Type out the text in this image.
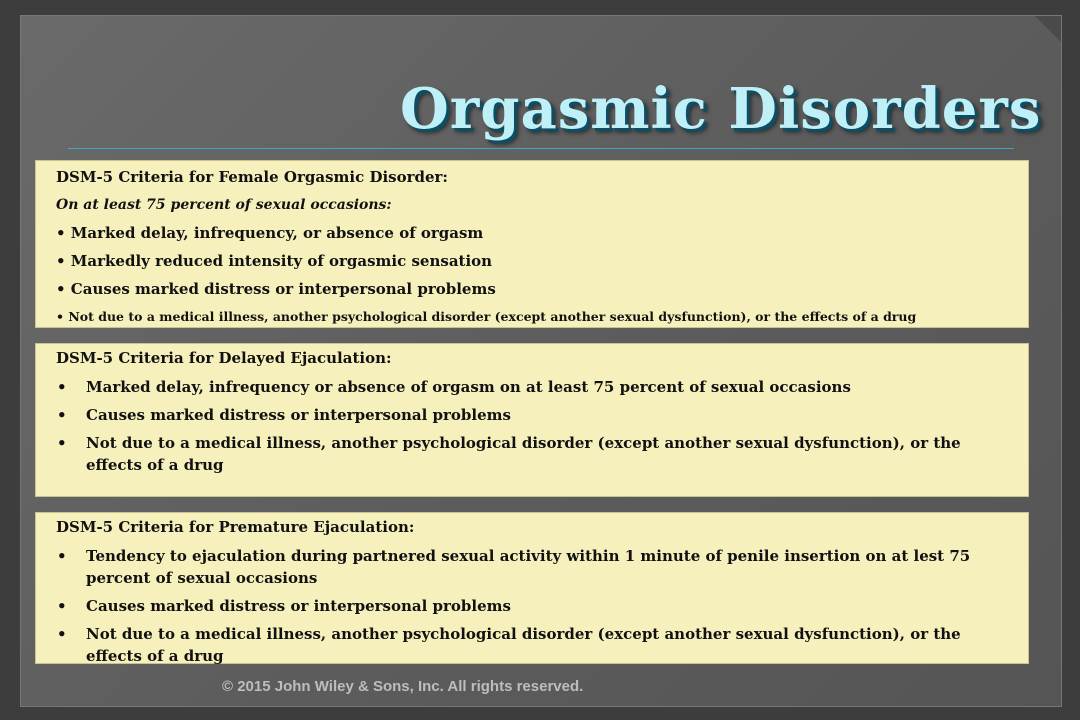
Orgasmic Disorders
DSM-5 Criteria for Female Orgasmic Disorder:
On at least 75 percent of sexual occasions:
• Marked delay, infrequency, or absence of orgasm
• Markedly reduced intensity of orgasmic sensation
• Causes marked distress or interpersonal problems
• Not due to a medical illness, another psychological disorder (except another sexual dysfunction), or the effects of a drug
DSM-5 Criteria for Delayed Ejaculation:
• Marked delay, infrequency or absence of orgasm on at least 75 percent of sexual occasions
• Causes marked distress or interpersonal problems
• Not due to a medical illness, another psychological disorder (except another sexual dysfunction), or the effects of a drug
DSM-5 Criteria for Premature Ejaculation:
• Tendency to ejaculation during partnered sexual activity within 1 minute of penile insertion on at lest 75 percent of sexual occasions
• Causes marked distress or interpersonal problems
• Not due to a medical illness, another psychological disorder (except another sexual dysfunction), or the effects of a drug
© 2015 John Wiley & Sons, Inc. All rights reserved.
